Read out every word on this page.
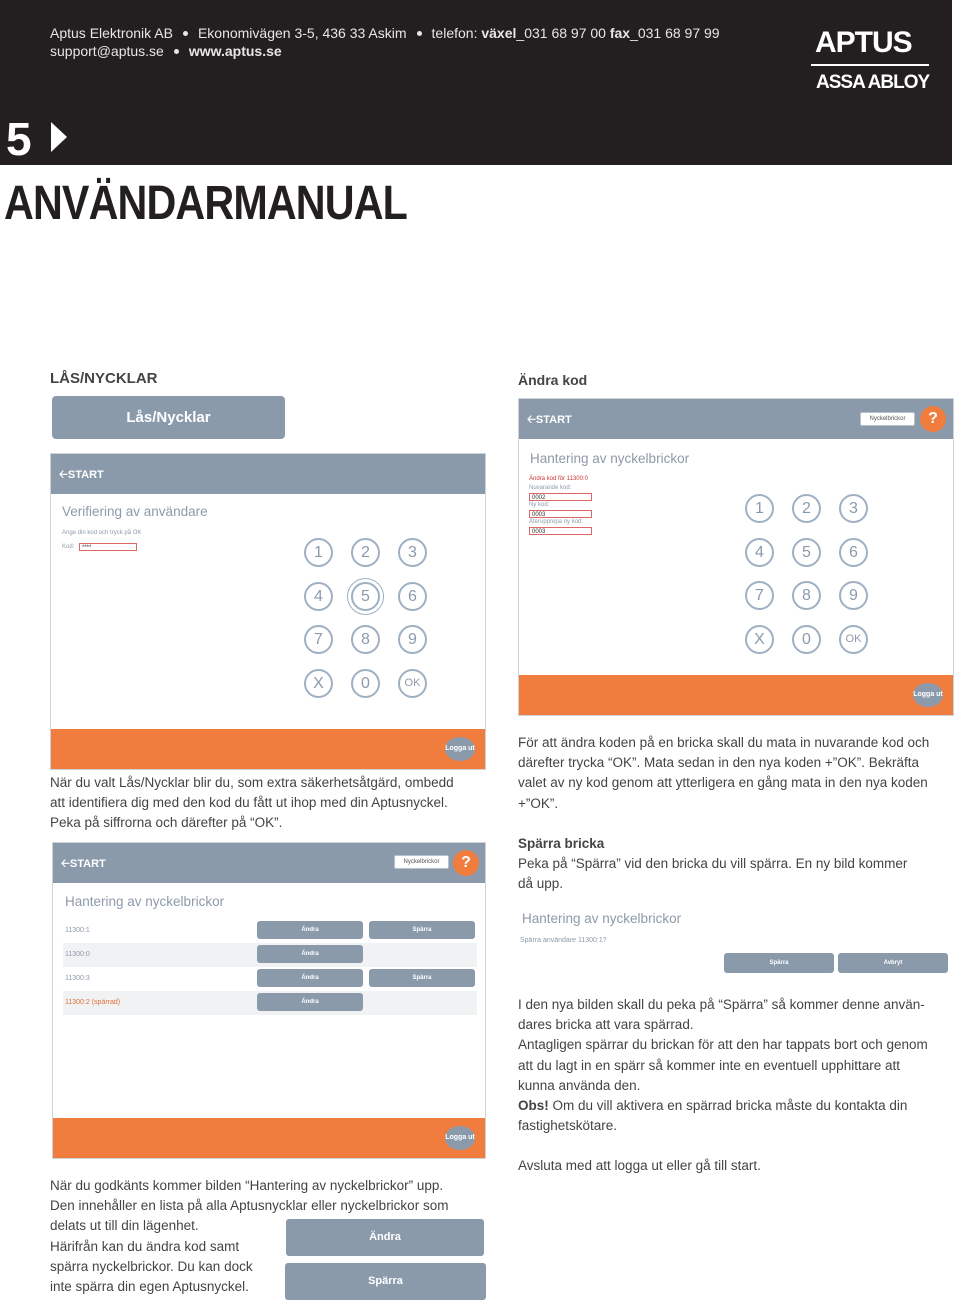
Aptus Elektronik AB Ekonomivägen 3-5, 436 33 Askim telefon: växel_031 68 97 00 fax_031 68 97 99
support@aptus.se www.aptus.se	APTUS
ASSA ABLOY
5
ANVÄNDARMANUAL
LÅS/NYCKLAR
Lås/Nycklar
🡠START
Verifiering av användare
Ange din kod och tryck på OK
Kod:	****	1	2	3
4	5	6
7	8	9
X	0	OK
Logga ut
När du valt Lås/Nycklar blir du, som extra säkerhetsåtgärd, ombedd
att identifiera dig med den kod du fått ut ihop med din Aptusnyckel.
Peka på siffrorna och därefter på “OK”.
🡠START	Nyckelbrickor	?
Hantering av nyckelbrickor
11300:1	Ändra	Spärra
11300:0	Ändra
11300:3	Ändra	Spärra
11300:2 (spärrad)	Ändra
Logga ut
När du godkänts kommer bilden “Hantering av nyckelbrickor” upp.
Den innehåller en lista på alla Aptusnycklar eller nyckelbrickor som
delats ut till din lägenhet.
Härifrån kan du ändra kod samt
spärra nyckelbrickor. Du kan dock
inte spärra din egen Aptusnyckel.
Ändra
Spärra
Ändra kod
🡠START	Nyckelbrickor	?
Hantering av nyckelbrickor
Ändra kod för 11300:0
Nuvarande kod:
0002
Ny kod:
0003
Återupprepa ny kod:
0003
1	2	3
4	5	6
7	8	9
X	0	OK
Logga ut
För att ändra koden på en bricka skall du mata in nuvarande kod och
därefter trycka “OK”. Mata sedan in den nya koden +”OK”. Bekräfta
valet av ny kod genom att ytterligera en gång mata in den nya koden
+”OK”.
Spärra bricka
Peka på “Spärra” vid den bricka du vill spärra. En ny bild kommer
då upp.
Hantering av nyckelbrickor
Spärra användare 11300:1?
Spärra	Avbryt
I den nya bilden skall du peka på “Spärra” så kommer denne använ-
dares bricka att vara spärrad.
Antagligen spärrar du brickan för att den har tappats bort och genom
att du lagt in en spärr så kommer inte en eventuell upphittare att
kunna använda den.
Obs! Om du vill aktivera en spärrad bricka måste du kontakta din
fastighetskötare.
Avsluta med att logga ut eller gå till start.
